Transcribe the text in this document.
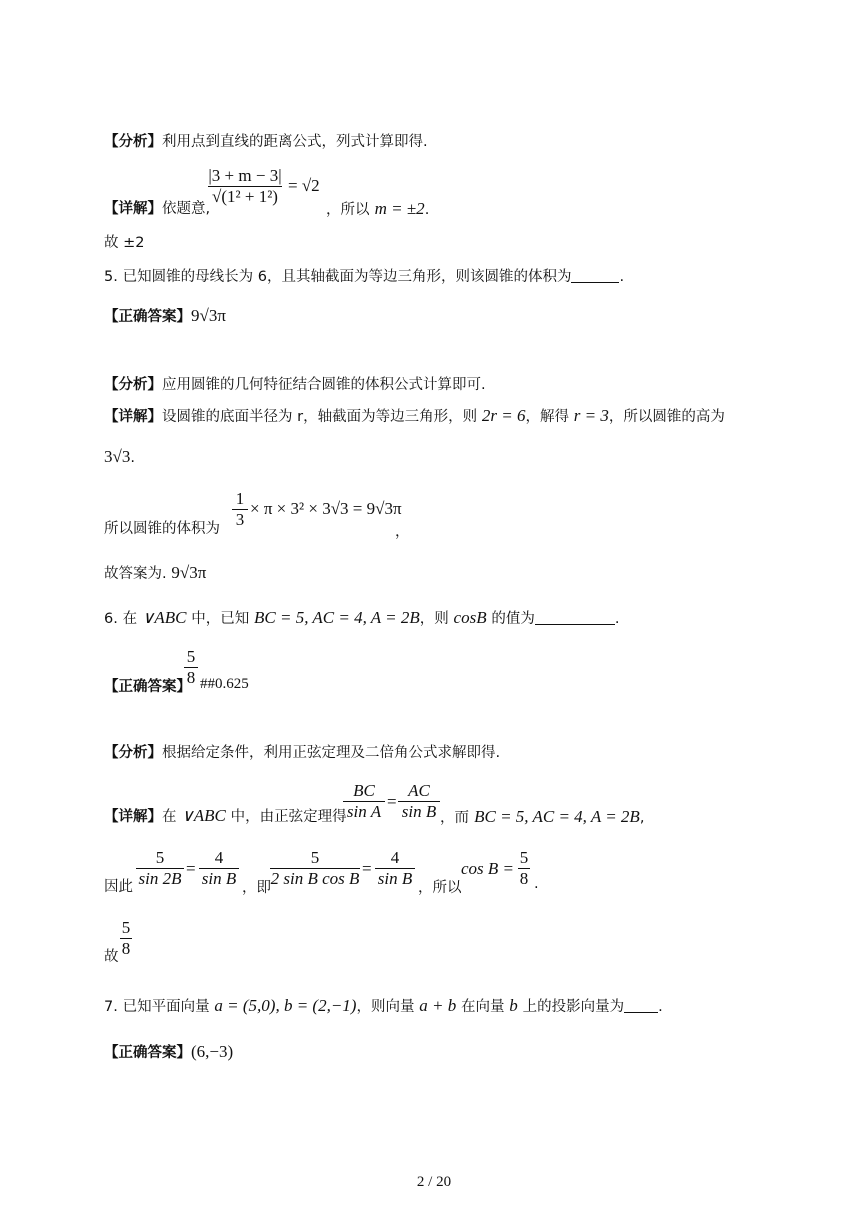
【分析】利用点到直线的距离公式，列式计算即得.
|3 + m − 3|
√(1² + 1²)
= √2
【详解】依题意,	，所以 m = ±2.
故 ±2
5. 已知圆锥的母线长为 6，且其轴截面为等边三角形，则该圆锥的体积为	.
【正确答案】9√3π
【分析】应用圆锥的几何特征结合圆锥的体积公式计算即可.
【详解】设圆锥的底面半径为 r，轴截面为等边三角形，则 2r = 6，解得 r = 3，所以圆锥的高为
3√3.
1
3
× π × 3² × 3√3 = 9√3π
所以圆锥的体积为	，
故答案为. 9√3π
6. 在 ∨ABC 中，已知 BC = 5, AC = 4, A = 2B，则 cosB 的值为	.
5
8
【正确答案】 ##0.625
【分析】根据给定条件，利用正弦定理及二倍角公式求解即得.
【详解】在 ∨ABC 中，由正弦定理得
BC
sin A
=
AC
sin B ，而 BC = 5, AC = 4, A = 2B,
5
sin 2B
=
4
sin B
5
2 sin B cos B
=
4
sin B
cos B =
5
8 .
因此	，即	，所以
5
8
故
7. 已知平面向量 a = (5,0), b = (2,−1)，则向量 a + b 在向量 b 上的投影向量为 .
【正确答案】(6,−3)
2 / 20
